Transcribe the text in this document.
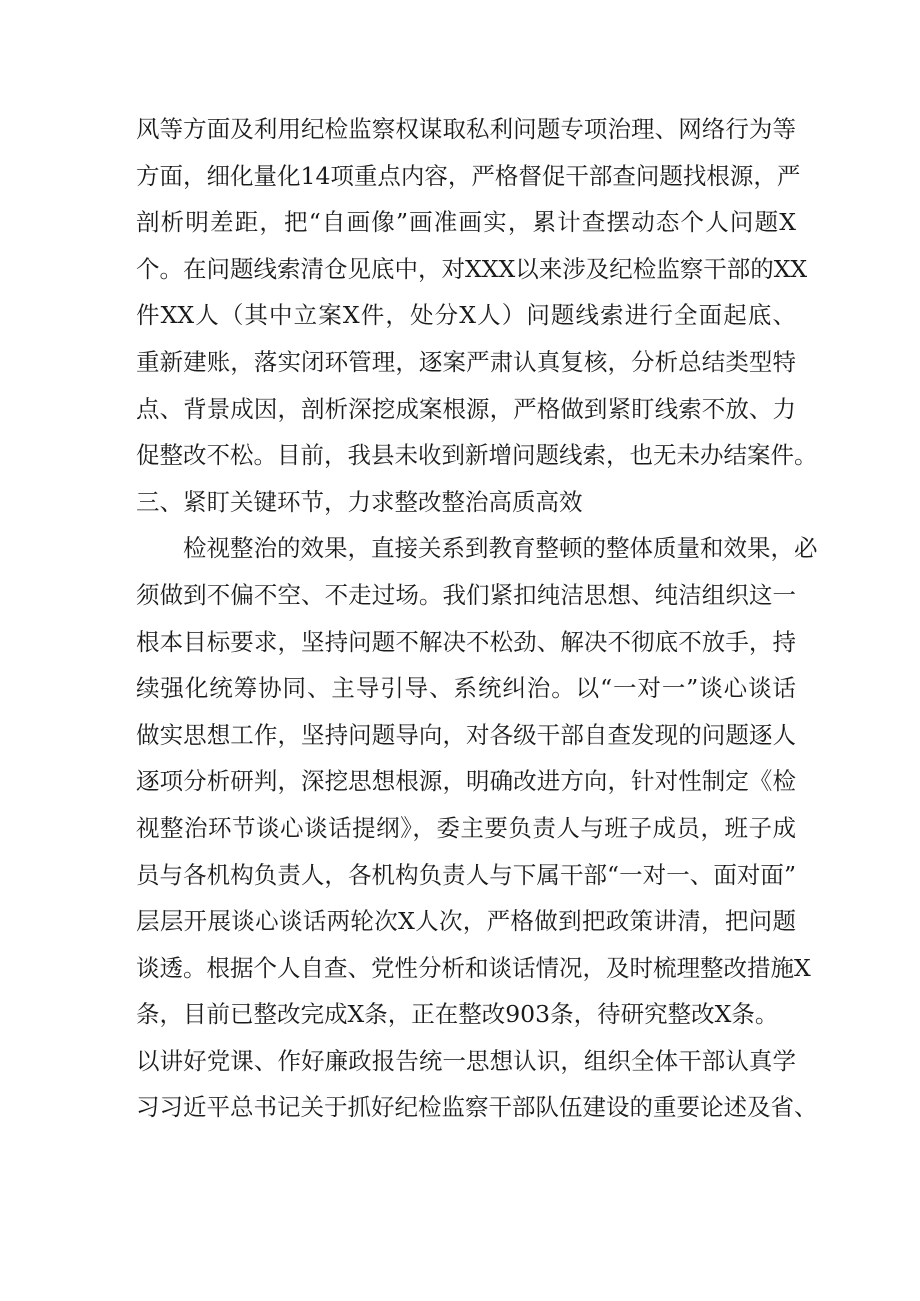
风等方面及利用纪检监察权谋取私利问题专项治理、网络行为等
方面，细化量化14项重点内容，严格督促干部查问题找根源，严
剖析明差距，把“自画像”画准画实，累计查摆动态个人问题X
个。在问题线索清仓见底中，对XXX以来涉及纪检监察干部的XX
件XX人（其中立案X件，处分X人）问题线索进行全面起底、
重新建账，落实闭环管理，逐案严肃认真复核，分析总结类型特
点、背景成因，剖析深挖成案根源，严格做到紧盯线索不放、力
促整改不松。目前，我县未收到新增问题线索，也无未办结案件。
三、紧盯关键环节，力求整改整治高质高效
检视整治的效果，直接关系到教育整顿的整体质量和效果，必
须做到不偏不空、不走过场。我们紧扣纯洁思想、纯洁组织这一
根本目标要求，坚持问题不解决不松劲、解决不彻底不放手，持
续强化统筹协同、主导引导、系统纠治。以“一对一”谈心谈话
做实思想工作，坚持问题导向，对各级干部自查发现的问题逐人
逐项分析研判，深挖思想根源，明确改进方向，针对性制定《检
视整治环节谈心谈话提纲》，委主要负责人与班子成员，班子成
员与各机构负责人，各机构负责人与下属干部“一对一、面对面”
层层开展谈心谈话两轮次X人次，严格做到把政策讲清，把问题
谈透。根据个人自查、党性分析和谈话情况，及时梳理整改措施X
条，目前已整改完成X条，正在整改903条，待研究整改X条。
以讲好党课、作好廉政报告统一思想认识，组织全体干部认真学
习习近平总书记关于抓好纪检监察干部队伍建设的重要论述及省、
